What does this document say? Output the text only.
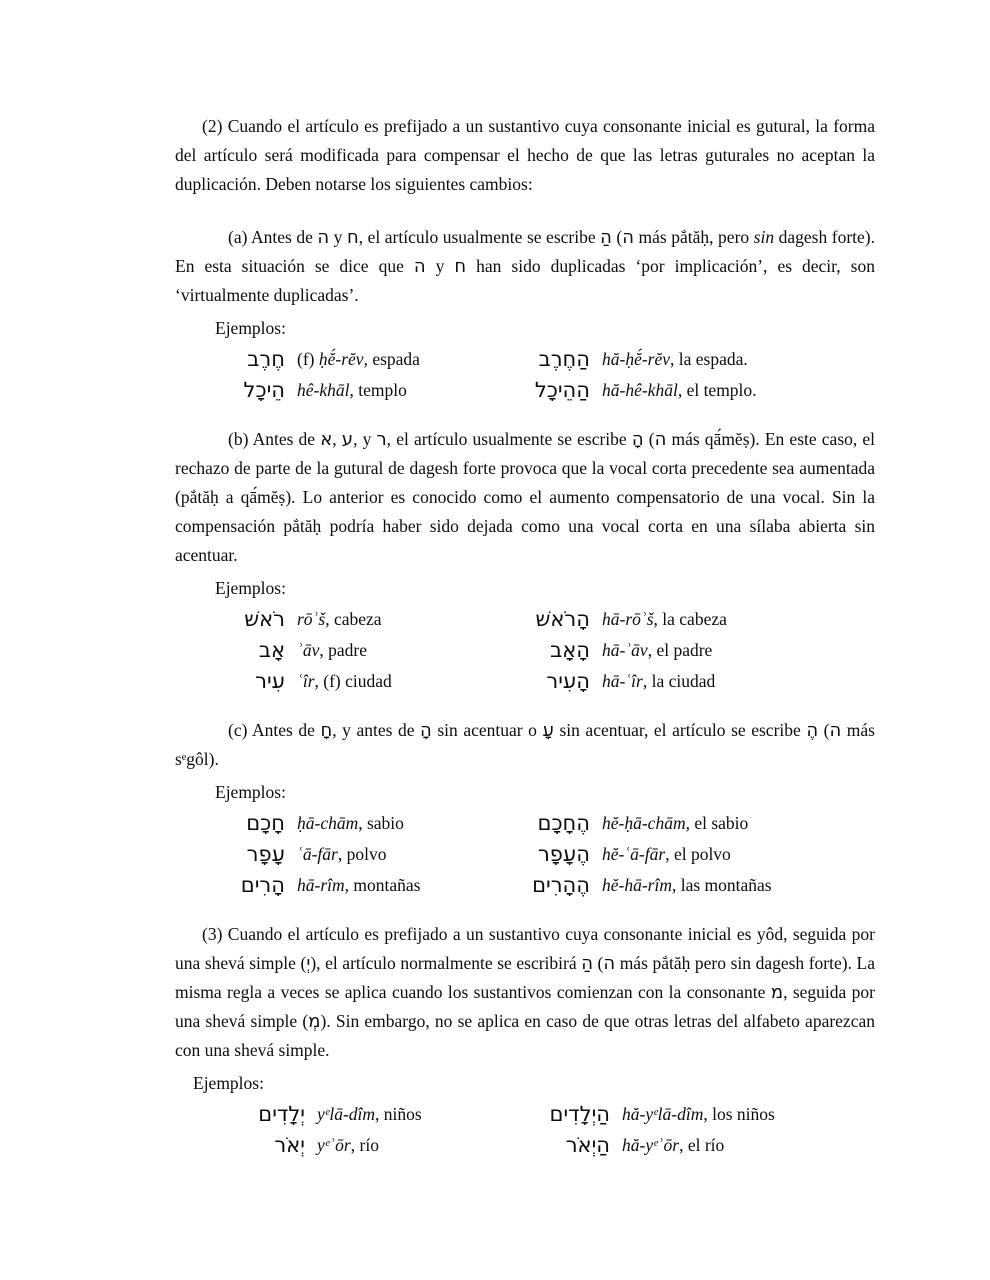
(2) Cuando el artículo es prefijado a un sustantivo cuya consonante inicial es gutural, la forma del artículo será modificada para compensar el hecho de que las letras guturales no aceptan la duplicación. Deben notarse los siguientes cambios:

(a) Antes de ה y ח, el artículo usualmente se escribe הַ (ה más pắtăḥ, pero sin dagesh forte). En esta situación se dice que ה y ח han sido duplicadas ‘por implicación’, es decir, son ‘virtualmente duplicadas’.

Ejemplos:

חֶרֶב (f) ḥĕ́-rĕv, espada	הַחֶרֶב hă-ḥĕ́-rĕv, la espada.
הֵיכָל hê-khāl, templo	הַהֵיכָל hă-hê-khāl, el templo.

(b) Antes de א, ע, y ר, el artículo usualmente se escribe הָ (ה más qā́mĕṣ). En este caso, el rechazo de parte de la gutural de dagesh forte provoca que la vocal corta precedente sea aumentada (pắtăḥ a qā́mĕṣ). Lo anterior es conocido como el aumento compensatorio de una vocal. Sin la compensación pắtăḥ podría haber sido dejada como una vocal corta en una sílaba abierta sin acentuar.

Ejemplos:

רֹאשׁ rōʾš, cabeza	הָרֹאשׁ hā-rōʾš, la cabeza
אָב ʾāv, padre	הָאָב hā-ʾāv, el padre
עִיר ʿîr, (f) ciudad	הָעִיר hā-ʿîr, la ciudad

(c) Antes de חָ, y antes de הָ sin acentuar o עָ sin acentuar, el artículo se escribe הֶ (ה más sᵉgôl).

Ejemplos:

חָכָם ḥā-chām, sabio	הֶחָכָם hĕ-ḥā-chām, el sabio
עָפָר ʿā-fār, polvo	הֶעָפָר hĕ-ʿā-fār, el polvo
הָרִים hā-rîm, montañas	הֶהָרִים hĕ-hā-rîm, las montañas

(3) Cuando el artículo es prefijado a un sustantivo cuya consonante inicial es yôd, seguida por una shevá simple (יְ), el artículo normalmente se escribirá הַ (ה más pắtăḥ pero sin dagesh forte). La misma regla a veces se aplica cuando los sustantivos comienzan con la consonante מ, seguida por una shevá simple (מְ). Sin embargo, no se aplica en caso de que otras letras del alfabeto aparezcan con una shevá simple.

Ejemplos:

יְלָדִים yᵉlā-dîm, niños	הַיְלָדִים hă-yᵉlā-dîm, los niños
יְאֹר yᵉʾōr, río	הַיְאֹר hă-yᵉʾōr, el río
